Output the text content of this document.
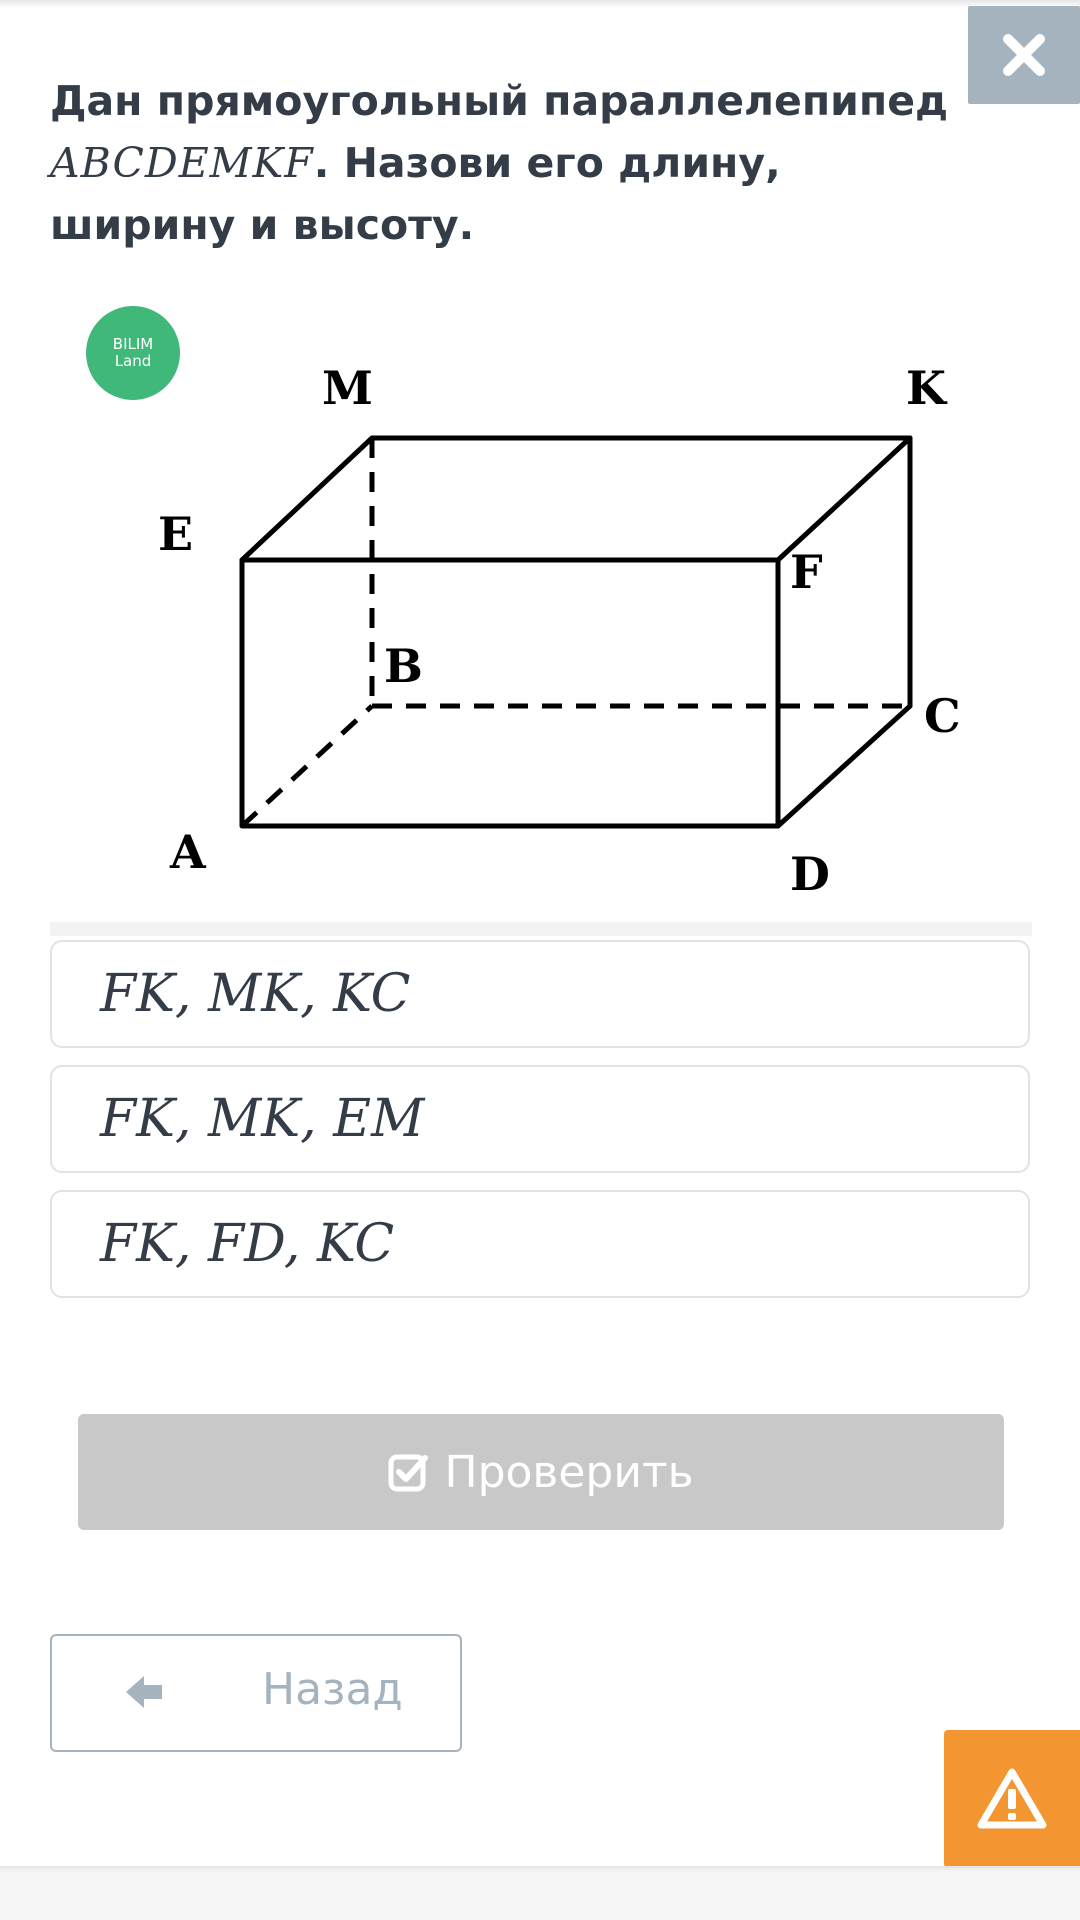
Дан прямоугольный параллелепипед ABCDEMKF. Назови его длину, ширину и высоту.
BILIM
Land	M	K
E
F
B
C
A	D
FK, MK, KC
FK, MK, EM
FK, FD, KC
Проверить
Назад
